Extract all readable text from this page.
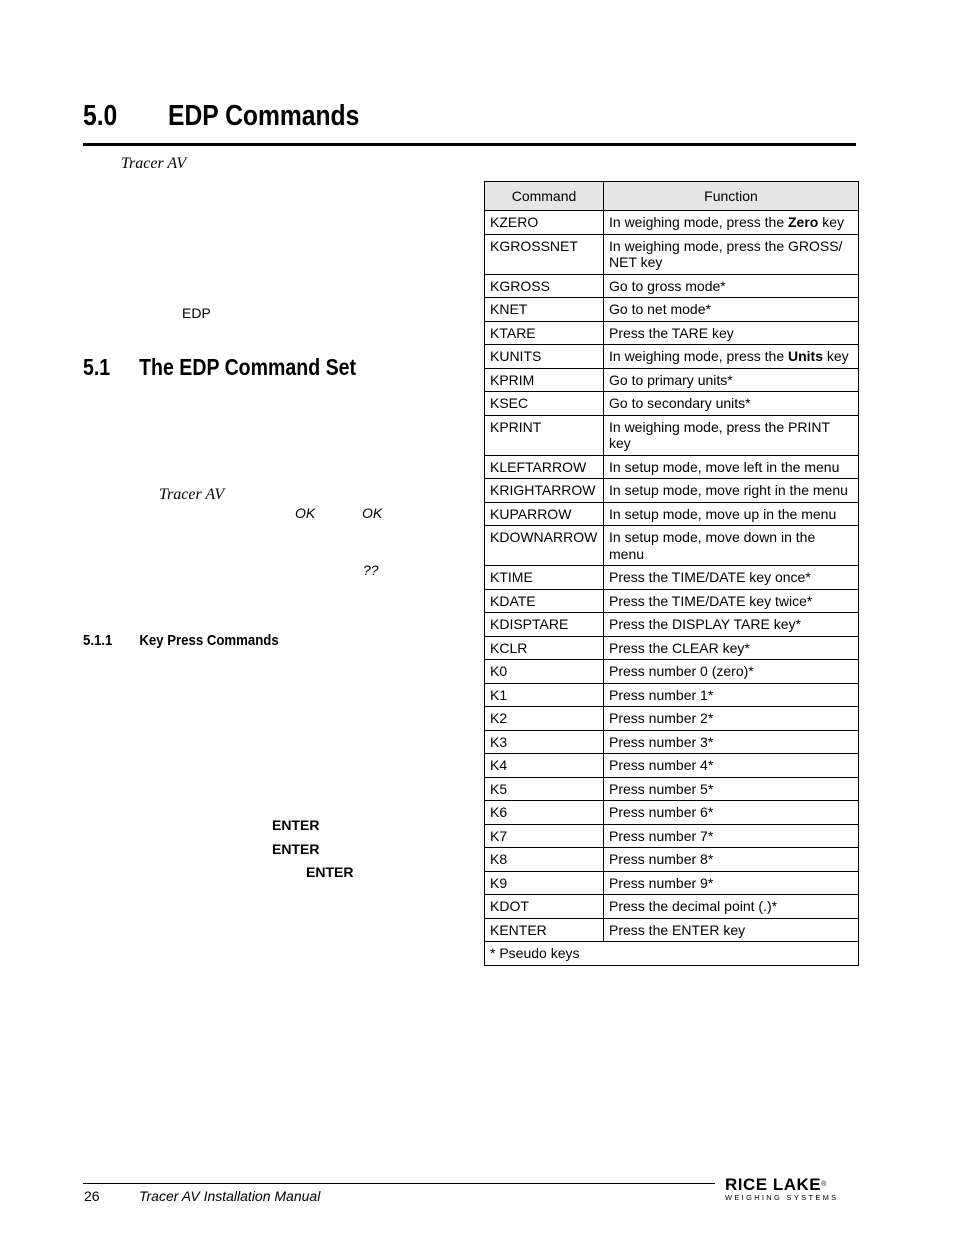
5.0 EDP Commands
Tracer AV
EDP
5.1 The EDP Command Set
Tracer AV
OK	OK
??
5.1.1 Key Press Commands
ENTER
ENTER
ENTER
Command	Function
KZERO	In weighing mode, press the Zero key
KGROSSNET	In weighing mode, press the GROSS/ NET key
KGROSS	Go to gross mode*
KNET	Go to net mode*
KTARE	Press the TARE key
KUNITS	In weighing mode, press the Units key
KPRIM	Go to primary units*
KSEC	Go to secondary units*
KPRINT	In weighing mode, press the PRINT key
KLEFTARROW	In setup mode, move left in the menu
KRIGHTARROW	In setup mode, move right in the menu
KUPARROW	In setup mode, move up in the menu
KDOWNARROW	In setup mode, move down in the menu
KTIME	Press the TIME/DATE key once*
KDATE	Press the TIME/DATE key twice*
KDISPTARE	Press the DISPLAY TARE key*
KCLR	Press the CLEAR key*
K0	Press number 0 (zero)*
K1	Press number 1*
K2	Press number 2*
K3	Press number 3*
K4	Press number 4*
K5	Press number 5*
K6	Press number 6*
K7	Press number 7*
K8	Press number 8*
K9	Press number 9*
KDOT	Press the decimal point (.)*
KENTER	Press the ENTER key
* Pseudo keys	
26	Tracer AV Installation Manual
RICE LAKE®
WEIGHING SYSTEMS
